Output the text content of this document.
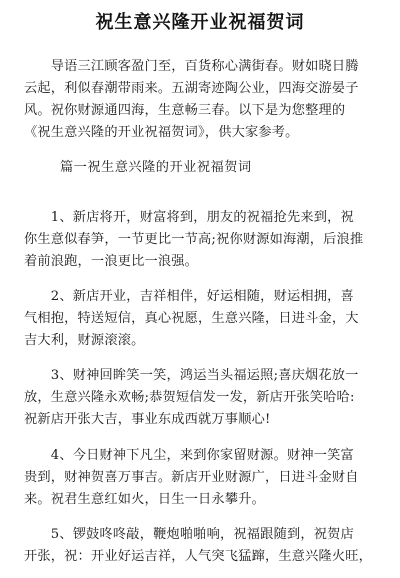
祝生意兴隆开业祝福贺词
　　导语三江顾客盈门至，百货称心满街春。财如晓日腾
云起，利似春潮带雨来。五湖寄迹陶公业，四海交游晏子
风。祝你财源通四海，生意畅三春。以下是为您整理的
《祝生意兴隆的开业祝福贺词》，供大家参考。
篇一祝生意兴隆的开业祝福贺词
　　1、新店将开，财富将到，朋友的祝福抢先来到，祝
你生意似春笋，一节更比一节高;祝你财源如海潮，后浪推
着前浪跑，一浪更比一浪强。
　　2、新店开业，吉祥相伴，好运相随，财运相拥，喜
气相抱，特送短信，真心祝愿，生意兴隆，日进斗金，大
吉大利，财源滚滚。
　　3、财神回眸笑一笑，鸿运当头福运照;喜庆烟花放一
放，生意兴隆永欢畅;恭贺短信发一发，新店开张笑哈哈:
祝新店开张大吉，事业东成西就万事顺心!
　　4、今日财神下凡尘，来到你家留财源。财神一笑富
贵到，财神贺喜万事吉。新店开业财源广，日进斗金财自
来。祝君生意红如火，日生一日永攀升。
　　5、锣鼓咚咚敲，鞭炮啪啪响，祝福跟随到，祝贺店
开张，祝：开业好运吉祥，人气突飞猛蹿，生意兴隆火旺，
